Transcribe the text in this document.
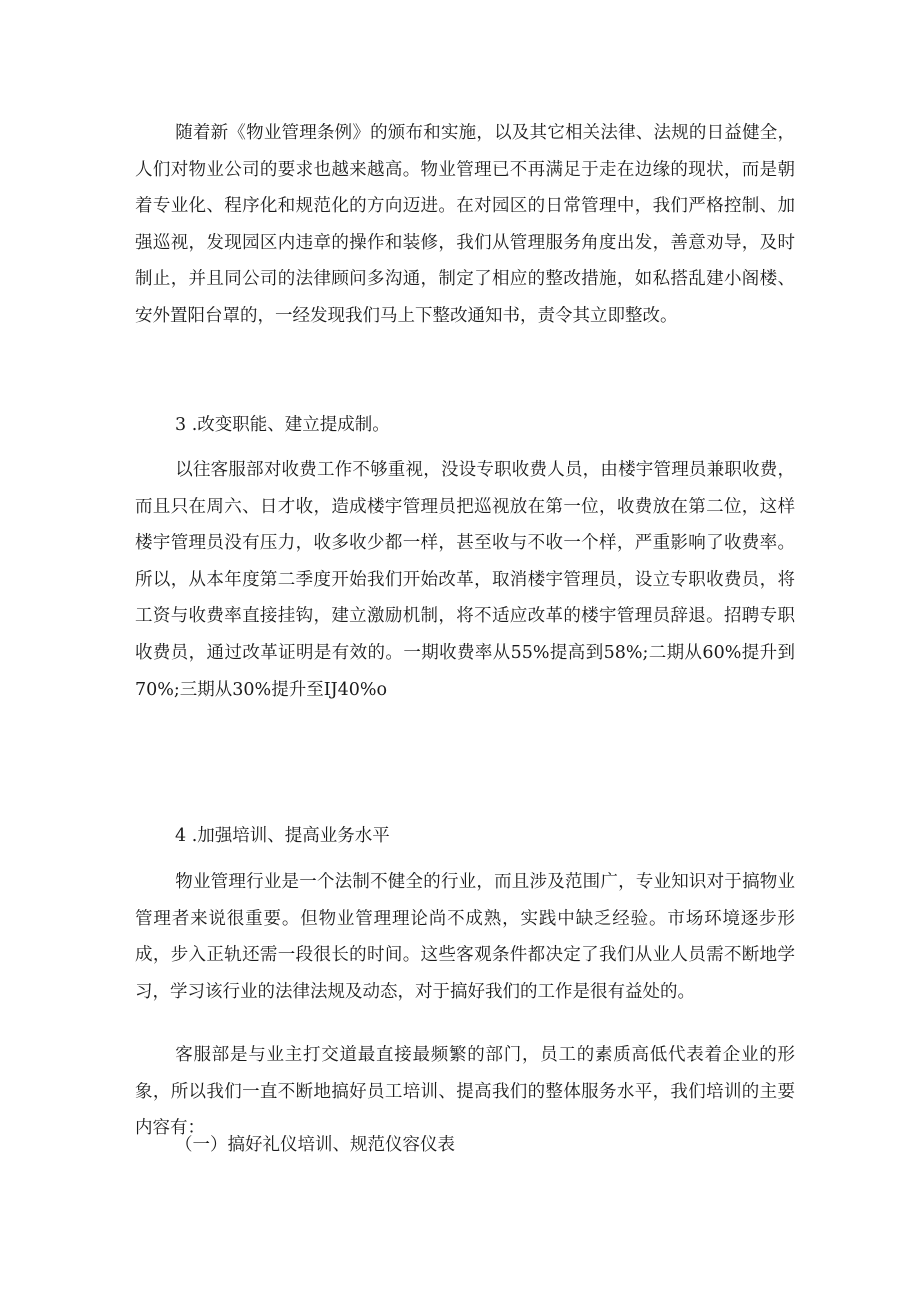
随着新《物业管理条例》的颁布和实施，以及其它相关法律、法规的日益健全，人们对物业公司的要求也越来越高。物业管理已不再满足于走在边缘的现状，而是朝着专业化、程序化和规范化的方向迈进。在对园区的日常管理中，我们严格控制、加强巡视，发现园区内违章的操作和装修，我们从管理服务角度出发，善意劝导，及时制止，并且同公司的法律顾问多沟通，制定了相应的整改措施，如私搭乱建小阁楼、安外置阳台罩的，一经发现我们马上下整改通知书，责令其立即整改。

3 .改变职能、建立提成制。

以往客服部对收费工作不够重视，没设专职收费人员，由楼宇管理员兼职收费，而且只在周六、日才收，造成楼宇管理员把巡视放在第一位，收费放在第二位，这样楼宇管理员没有压力，收多收少都一样，甚至收与不收一个样，严重影响了收费率。所以，从本年度第二季度开始我们开始改革，取消楼宇管理员，设立专职收费员，将工资与收费率直接挂钩，建立激励机制，将不适应改革的楼宇管理员辞退。招聘专职收费员，通过改革证明是有效的。一期收费率从55%提高到58%;二期从60%提升到70%;三期从30%提升至IJ40%o

4 .加强培训、提高业务水平

物业管理行业是一个法制不健全的行业，而且涉及范围广，专业知识对于搞物业管理者来说很重要。但物业管理理论尚不成熟，实践中缺乏经验。市场环境逐步形成，步入正轨还需一段很长的时间。这些客观条件都决定了我们从业人员需不断地学习，学习该行业的法律法规及动态，对于搞好我们的工作是很有益处的。

客服部是与业主打交道最直接最频繁的部门，员工的素质高低代表着企业的形象，所以我们一直不断地搞好员工培训、提高我们的整体服务水平，我们培训的主要内容有：

（一）搞好礼仪培训、规范仪容仪表
